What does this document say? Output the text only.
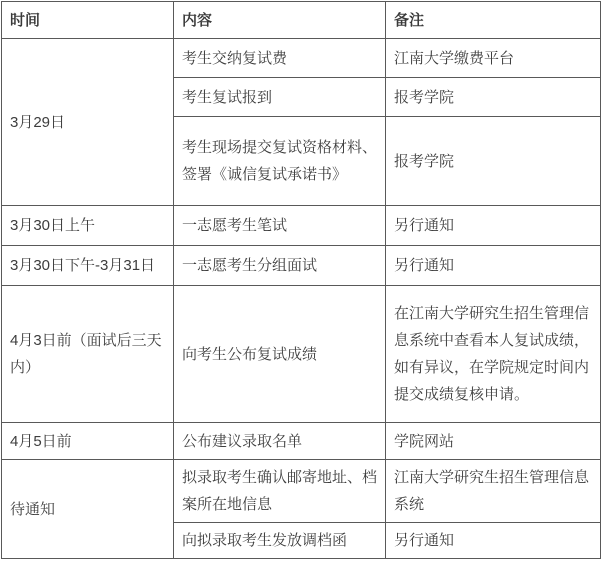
时间	内容	备注
3月29日	考生交纳复试费	江南大学缴费平台
	考生复试报到	报考学院
	考生现场提交复试资格材料、签署《诚信复试承诺书》	报考学院
3月30日上午	一志愿考生笔试	另行通知
3月30日下午-3月31日	一志愿考生分组面试	另行通知
4月3日前（面试后三天内）	向考生公布复试成绩	在江南大学研究生招生管理信息系统中查看本人复试成绩，如有异议，在学院规定时间内提交成绩复核申请。
4月5日前	公布建议录取名单	学院网站
待通知	拟录取考生确认邮寄地址、档案所在地信息	江南大学研究生招生管理信息系统
	向拟录取考生发放调档函	另行通知
